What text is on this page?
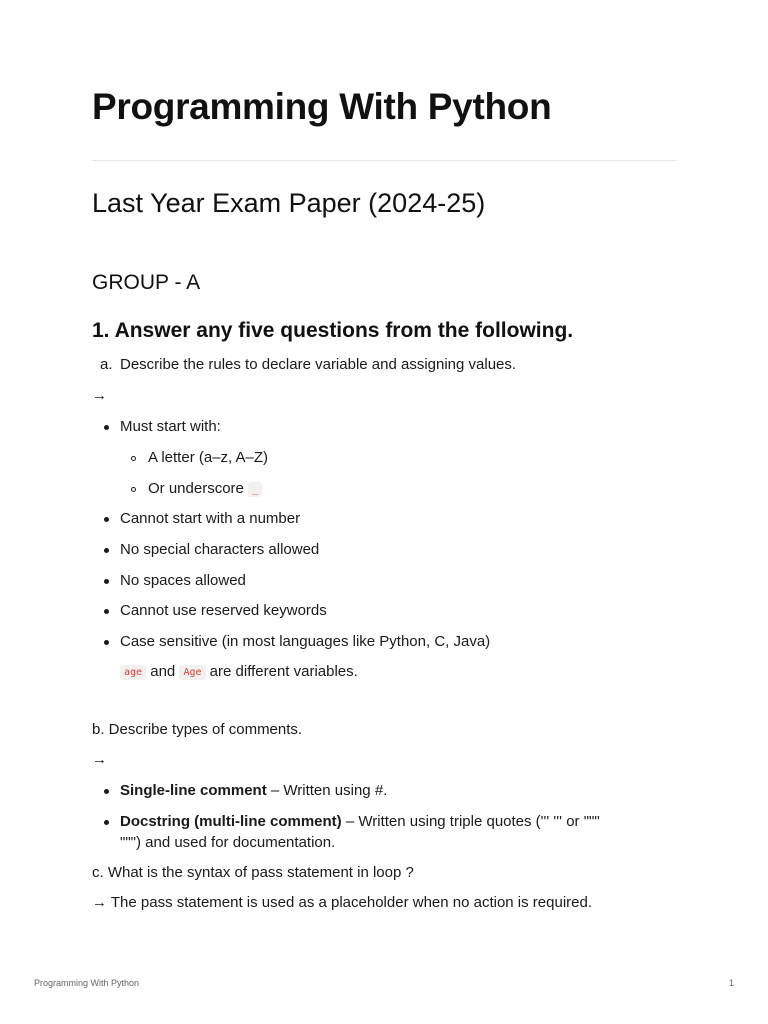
Programming With Python
Last Year Exam Paper (2024-25)
GROUP - A
1. Answer any five questions from the following.

a. Describe the rules to declare variable and assigning values.

→

Must start with:

A letter (a–z, A–Z)

Or underscore _

Cannot start with a number

No special characters allowed

No spaces allowed

Cannot use reserved keywords

Case sensitive (in most languages like Python, C, Java)

age and Age are different variables.

b. Describe types of comments.

→

Single-line comment – Written using #.

Docstring (multi-line comment) – Written using triple quotes (''' ''' or """

""") and used for documentation.

c. What is the syntax of pass statement in loop ?

→ The pass statement is used as a placeholder when no action is required.

Programming With Python	1
